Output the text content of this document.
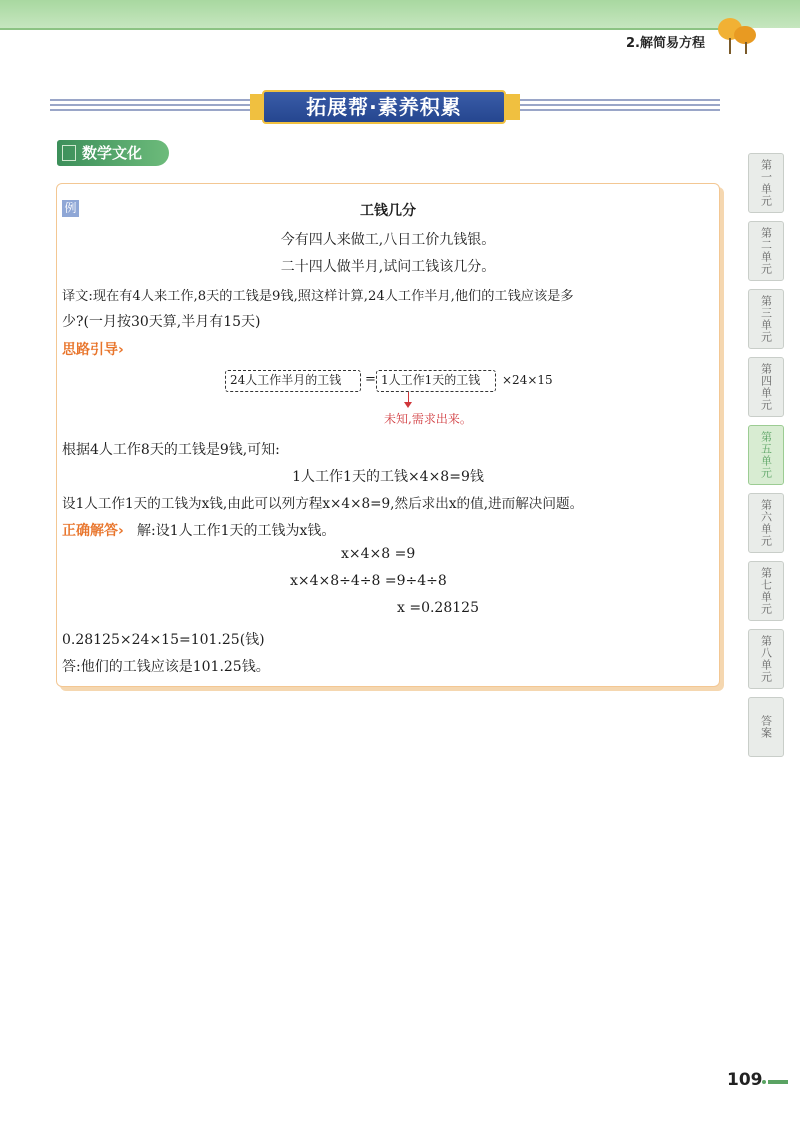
2.解简易方程
拓展帮·素养积累
数学文化
例	工钱几分
今有四人来做工,八日工价九钱银。
二十四人做半月,试问工钱该几分。
译文:现在有4人来工作,8天的工钱是9钱,照这样计算,24人工作半月,他们的工钱应该是多
少?(一月按30天算,半月有15天)
思路引导›
24人工作半月的工钱	= 1人工作1天的工钱	×24×15
未知,需求出来。
根据4人工作8天的工钱是9钱,可知:
1人工作1天的工钱×4×8=9钱
设1人工作1天的工钱为x钱,由此可以列方程x×4×8=9,然后求出x的值,进而解决问题。
正确解答› 解:设1人工作1天的工钱为x钱。
x×4×8 =9
x×4×8÷4÷8 =9÷4÷8
x =0.28125
0.28125×24×15=101.25(钱)
答:他们的工钱应该是101.25钱。
第一单元
第二单元
第三单元
第四单元
第五单元
第六单元
第七单元
第八单元
答案
109
